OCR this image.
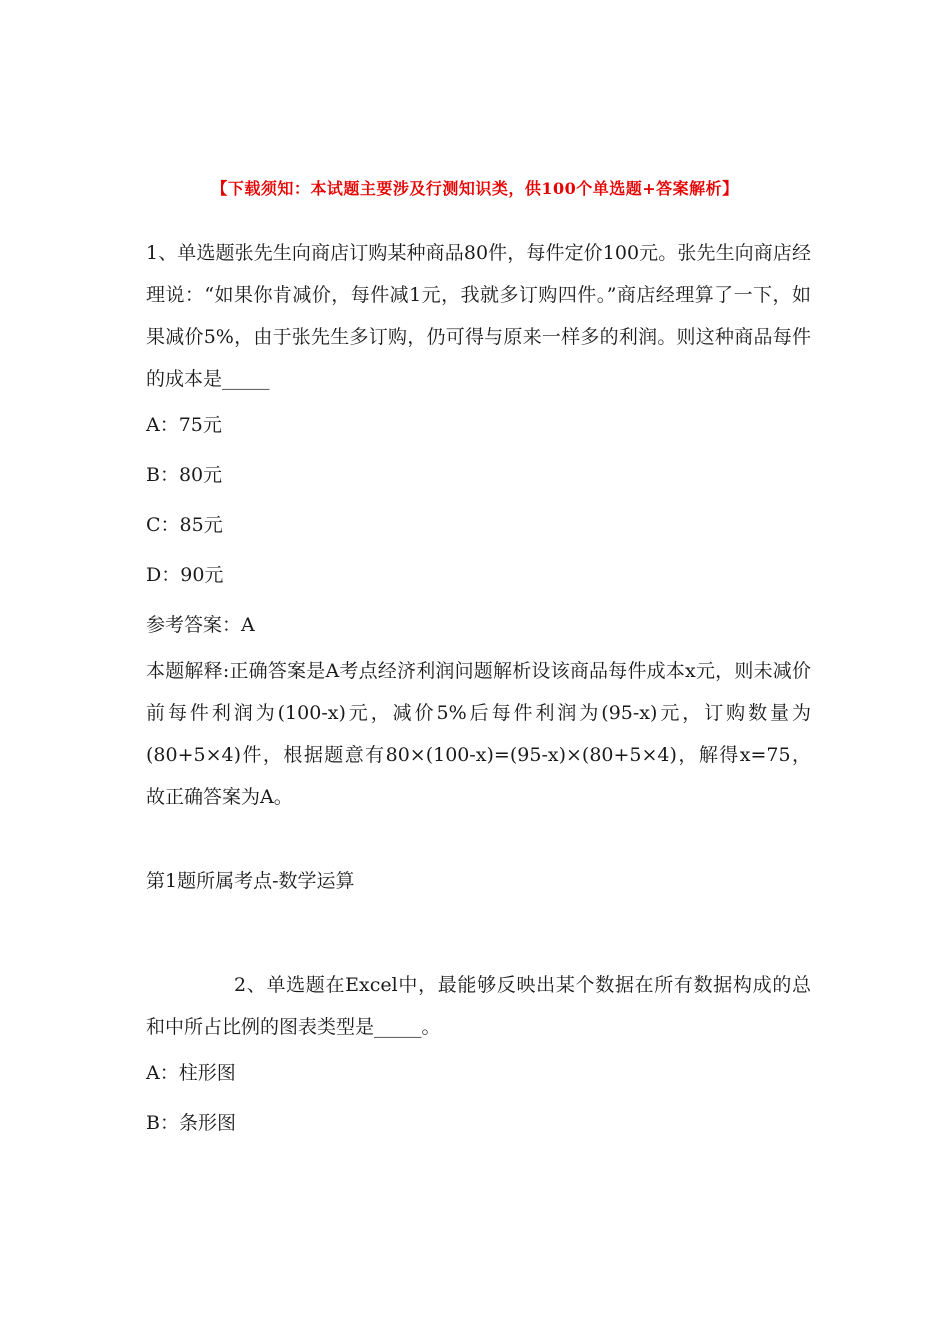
【下载须知：本试题主要涉及行测知识类，供100个单选题+答案解析】

1、单选题张先生向商店订购某种商品80件，每件定价100元。张先生向商店经理说：“如果你肯减价，每件减1元，我就多订购四件。”商店经理算了一下，如果减价5%，由于张先生多订购，仍可得与原来一样多的利润。则这种商品每件的成本是_____

A：75元

B：80元

C：85元

D：90元

参考答案：A

本题解释:正确答案是A考点经济利润问题解析设该商品每件成本x元，则未减价前每件利润为(100-x)元，减价5%后每件利润为(95-x)元，订购数量为(80+5×4)件，根据题意有80×(100-x)=(95-x)×(80+5×4)，解得x=75，故正确答案为A。

第1题所属考点-数学运算

2、单选题在Excel中，最能够反映出某个数据在所有数据构成的总和中所占比例的图表类型是_____。

A：柱形图

B：条形图
